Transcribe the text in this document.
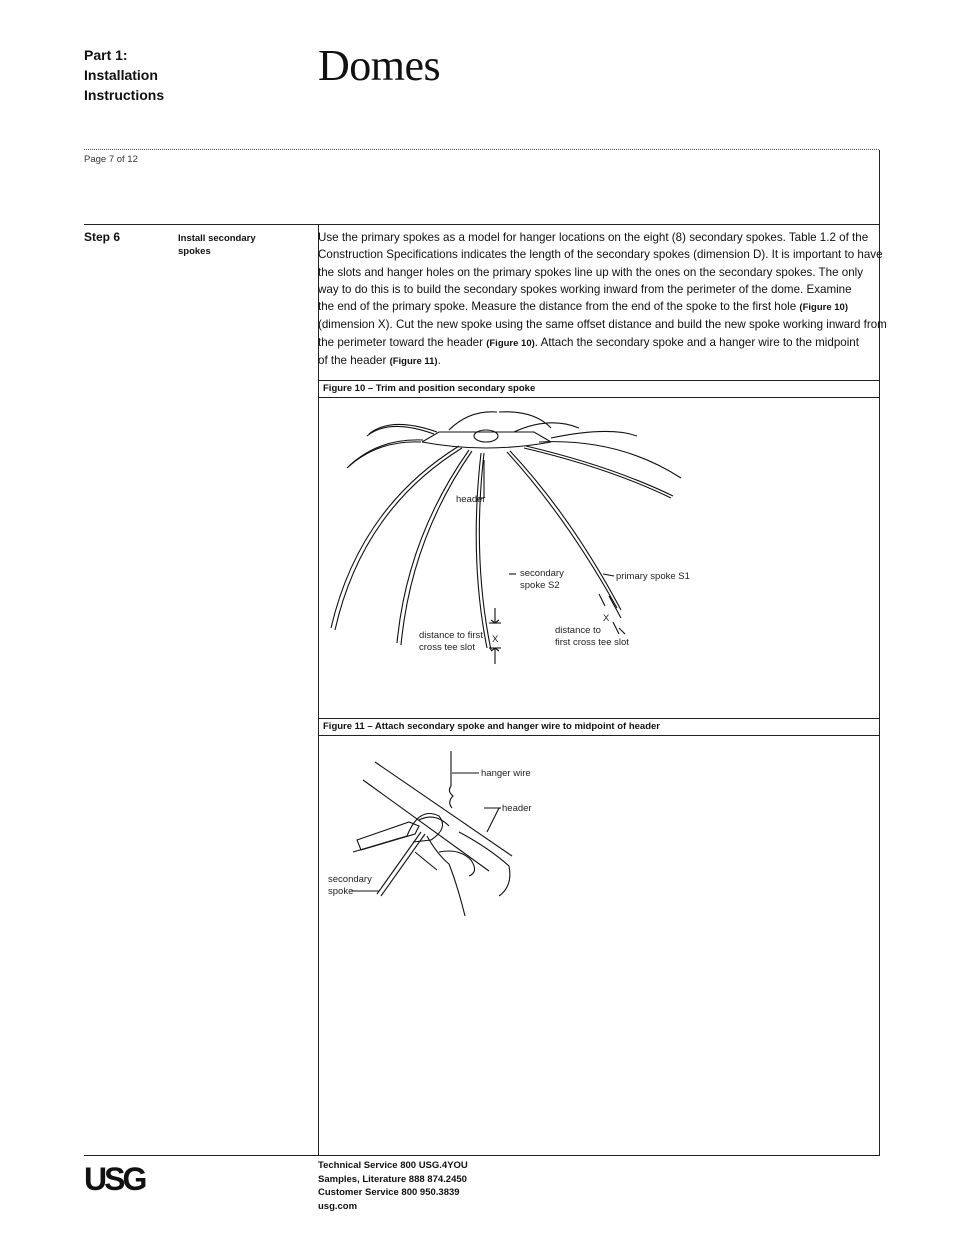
Part 1:
Installation
Instructions
Domes
Page 7 of 12
Step 6	Install secondary
spokes

Use the primary spokes as a model for hanger locations on the eight (8) secondary spokes. Table 1.2 of the

Construction Specifications indicates the length of the secondary spokes (dimension D). It is important to have

the slots and hanger holes on the primary spokes line up with the ones on the secondary spokes. The only

way to do this is to build the secondary spokes working inward from the perimeter of the dome. Examine

the end of the primary spoke. Measure the distance from the end of the spoke to the first hole (Figure 10)

(dimension X). Cut the new spoke using the same offset distance and build the new spoke working inward from

the perimeter toward the header (Figure 10). Attach the secondary spoke and a hanger wire to the midpoint

of the header (Figure 11).

Figure 10 – Trim and position secondary spoke
header
secondary
spoke S2
primary spoke S1
X
X
distance to first
cross tee slot
distance to
first cross tee slot
Figure 11 – Attach secondary spoke and hanger wire to midpoint of header
hanger wire
header
secondary
spoke
USG	Technical Service 800 USG.4YOU
Samples, Literature 888 874.2450
Customer Service 800 950.3839
usg.com
